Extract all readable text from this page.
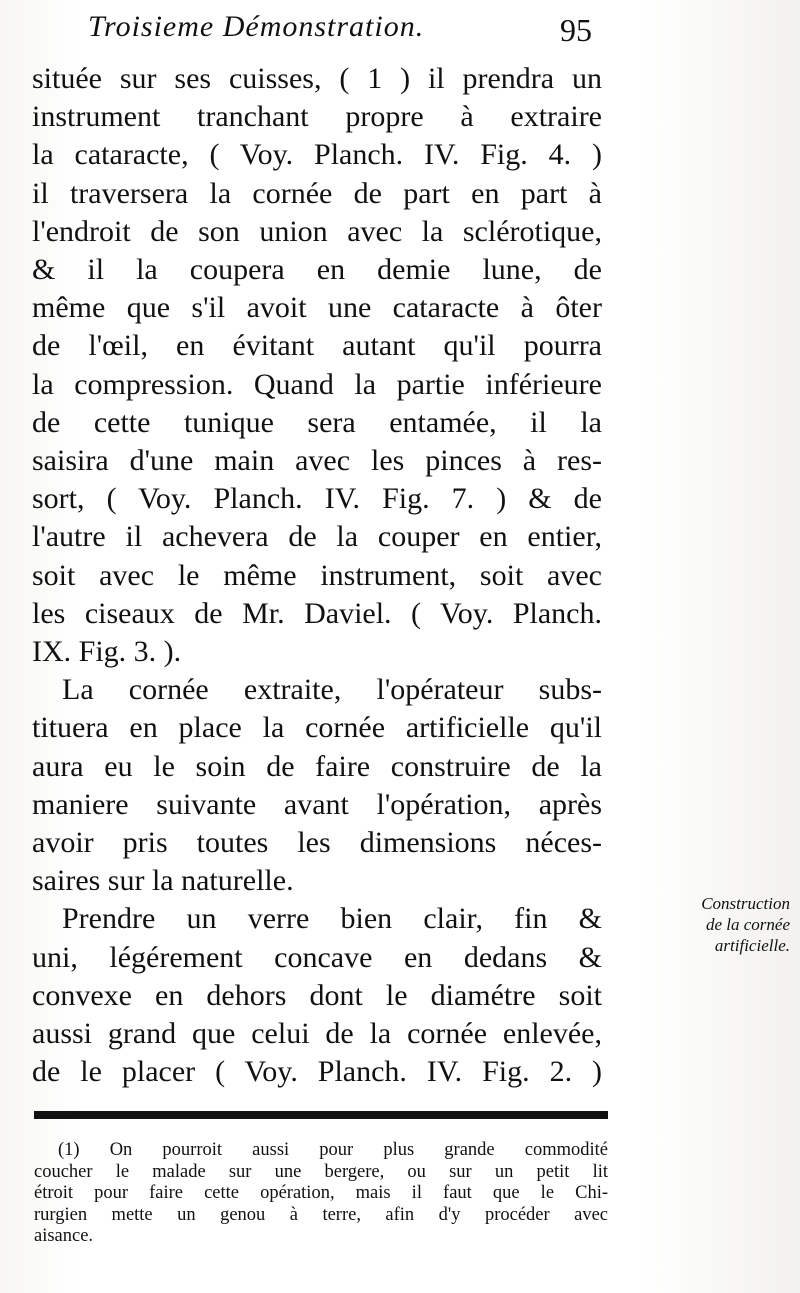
Troisieme Démonstration.	95
située sur ses cuisses, ( 1 ) il prendra un
instrument tranchant propre à extraire
la cataracte, ( Voy. Planch. IV. Fig. 4. )
il traversera la cornée de part en part à
l'endroit de son union avec la sclérotique,
& il la coupera en demie lune, de
même que s'il avoit une cataracte à ôter
de l'œil, en évitant autant qu'il pourra
la compression. Quand la partie inférieure
de cette tunique sera entamée, il la
saisira d'une main avec les pinces à res-
sort, ( Voy. Planch. IV. Fig. 7. ) & de
l'autre il achevera de la couper en entier,
soit avec le même instrument, soit avec
les ciseaux de Mr. Daviel. ( Voy. Planch.
IX. Fig. 3. ).
La cornée extraite, l'opérateur subs-
tituera en place la cornée artificielle qu'il
aura eu le soin de faire construire de la
maniere suivante avant l'opération, après
avoir pris toutes les dimensions néces-
saires sur la naturelle.
Prendre un verre bien clair, fin &
uni, légérement concave en dedans &
convexe en dehors dont le diamétre soit
aussi grand que celui de la cornée enlevée,
de le placer ( Voy. Planch. IV. Fig. 2. )
Construction
de la cornée
artificielle.
(1) On pourroit aussi pour plus grande commodité
coucher le malade sur une bergere, ou sur un petit lit
étroit pour faire cette opération, mais il faut que le Chi-
rurgien mette un genou à terre, afin d'y procéder avec
aisance.
